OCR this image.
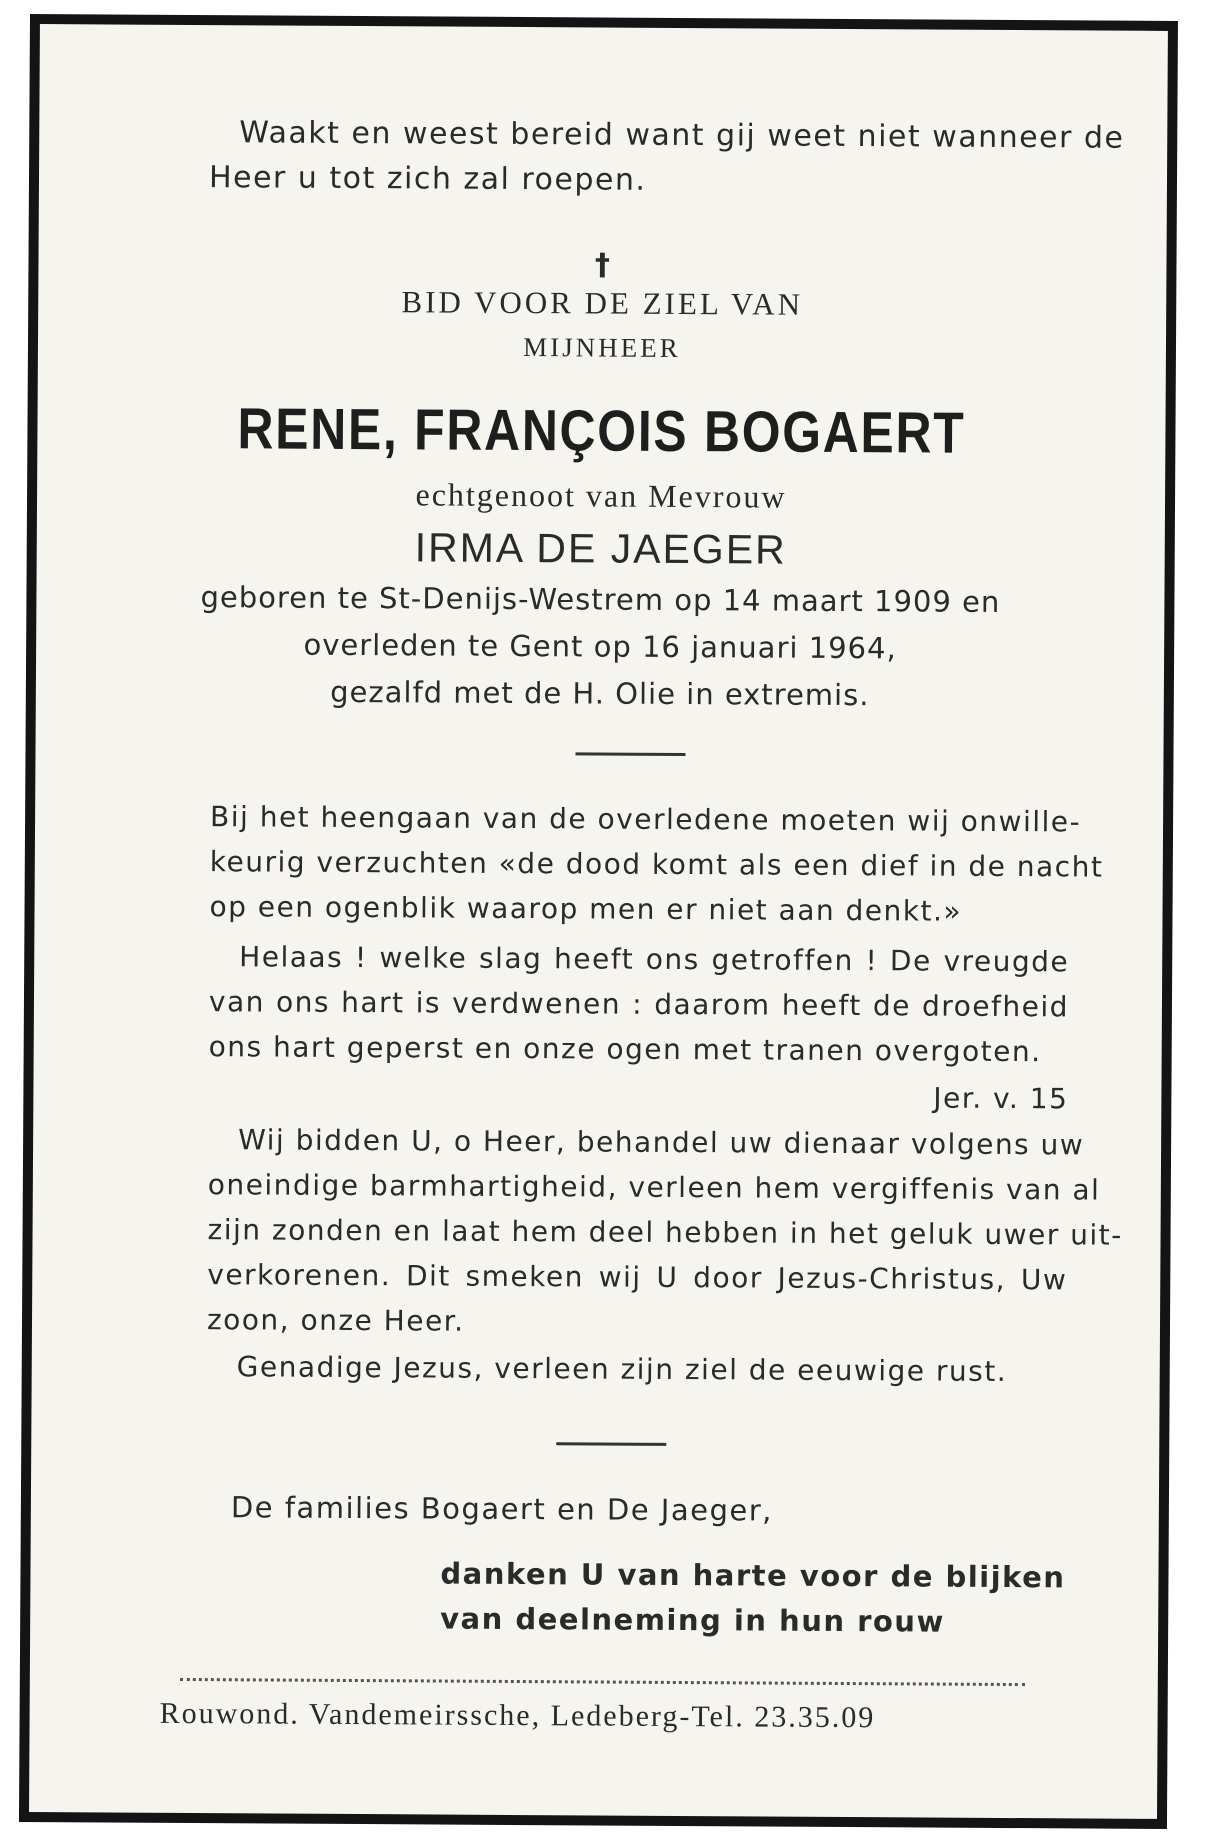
Waakt en weest bereid want gij weet niet wanneer de
Heer u tot zich zal roepen.
†
BID VOOR DE ZIEL VAN
MIJNHEER
RENE, FRANÇOIS BOGAERT
echtgenoot van Mevrouw
IRMA DE JAEGER
geboren te St-Denijs-Westrem op 14 maart 1909 en
overleden te Gent op 16 januari 1964,
gezalfd met de H. Olie in extremis.
Bij het heengaan van de overledene moeten wij onwille-
keurig verzuchten «de dood komt als een dief in de nacht
op een ogenblik waarop men er niet aan denkt.»
Helaas ! welke slag heeft ons getroffen ! De vreugde
van ons hart is verdwenen : daarom heeft de droefheid
ons hart geperst en onze ogen met tranen overgoten.
Jer. v. 15
Wij bidden U, o Heer, behandel uw dienaar volgens uw
oneindige barmhartigheid, verleen hem vergiffenis van al
zijn zonden en laat hem deel hebben in het geluk uwer uit-
verkorenen. Dit smeken wij U door Jezus-Christus, Uw
zoon, onze Heer.
Genadige Jezus, verleen zijn ziel de eeuwige rust.
De families Bogaert en De Jaeger,
danken U van harte voor de blijken
van deelneming in hun rouw
Rouwond. Vandemeirssche, Ledeberg-Tel. 23.35.09
